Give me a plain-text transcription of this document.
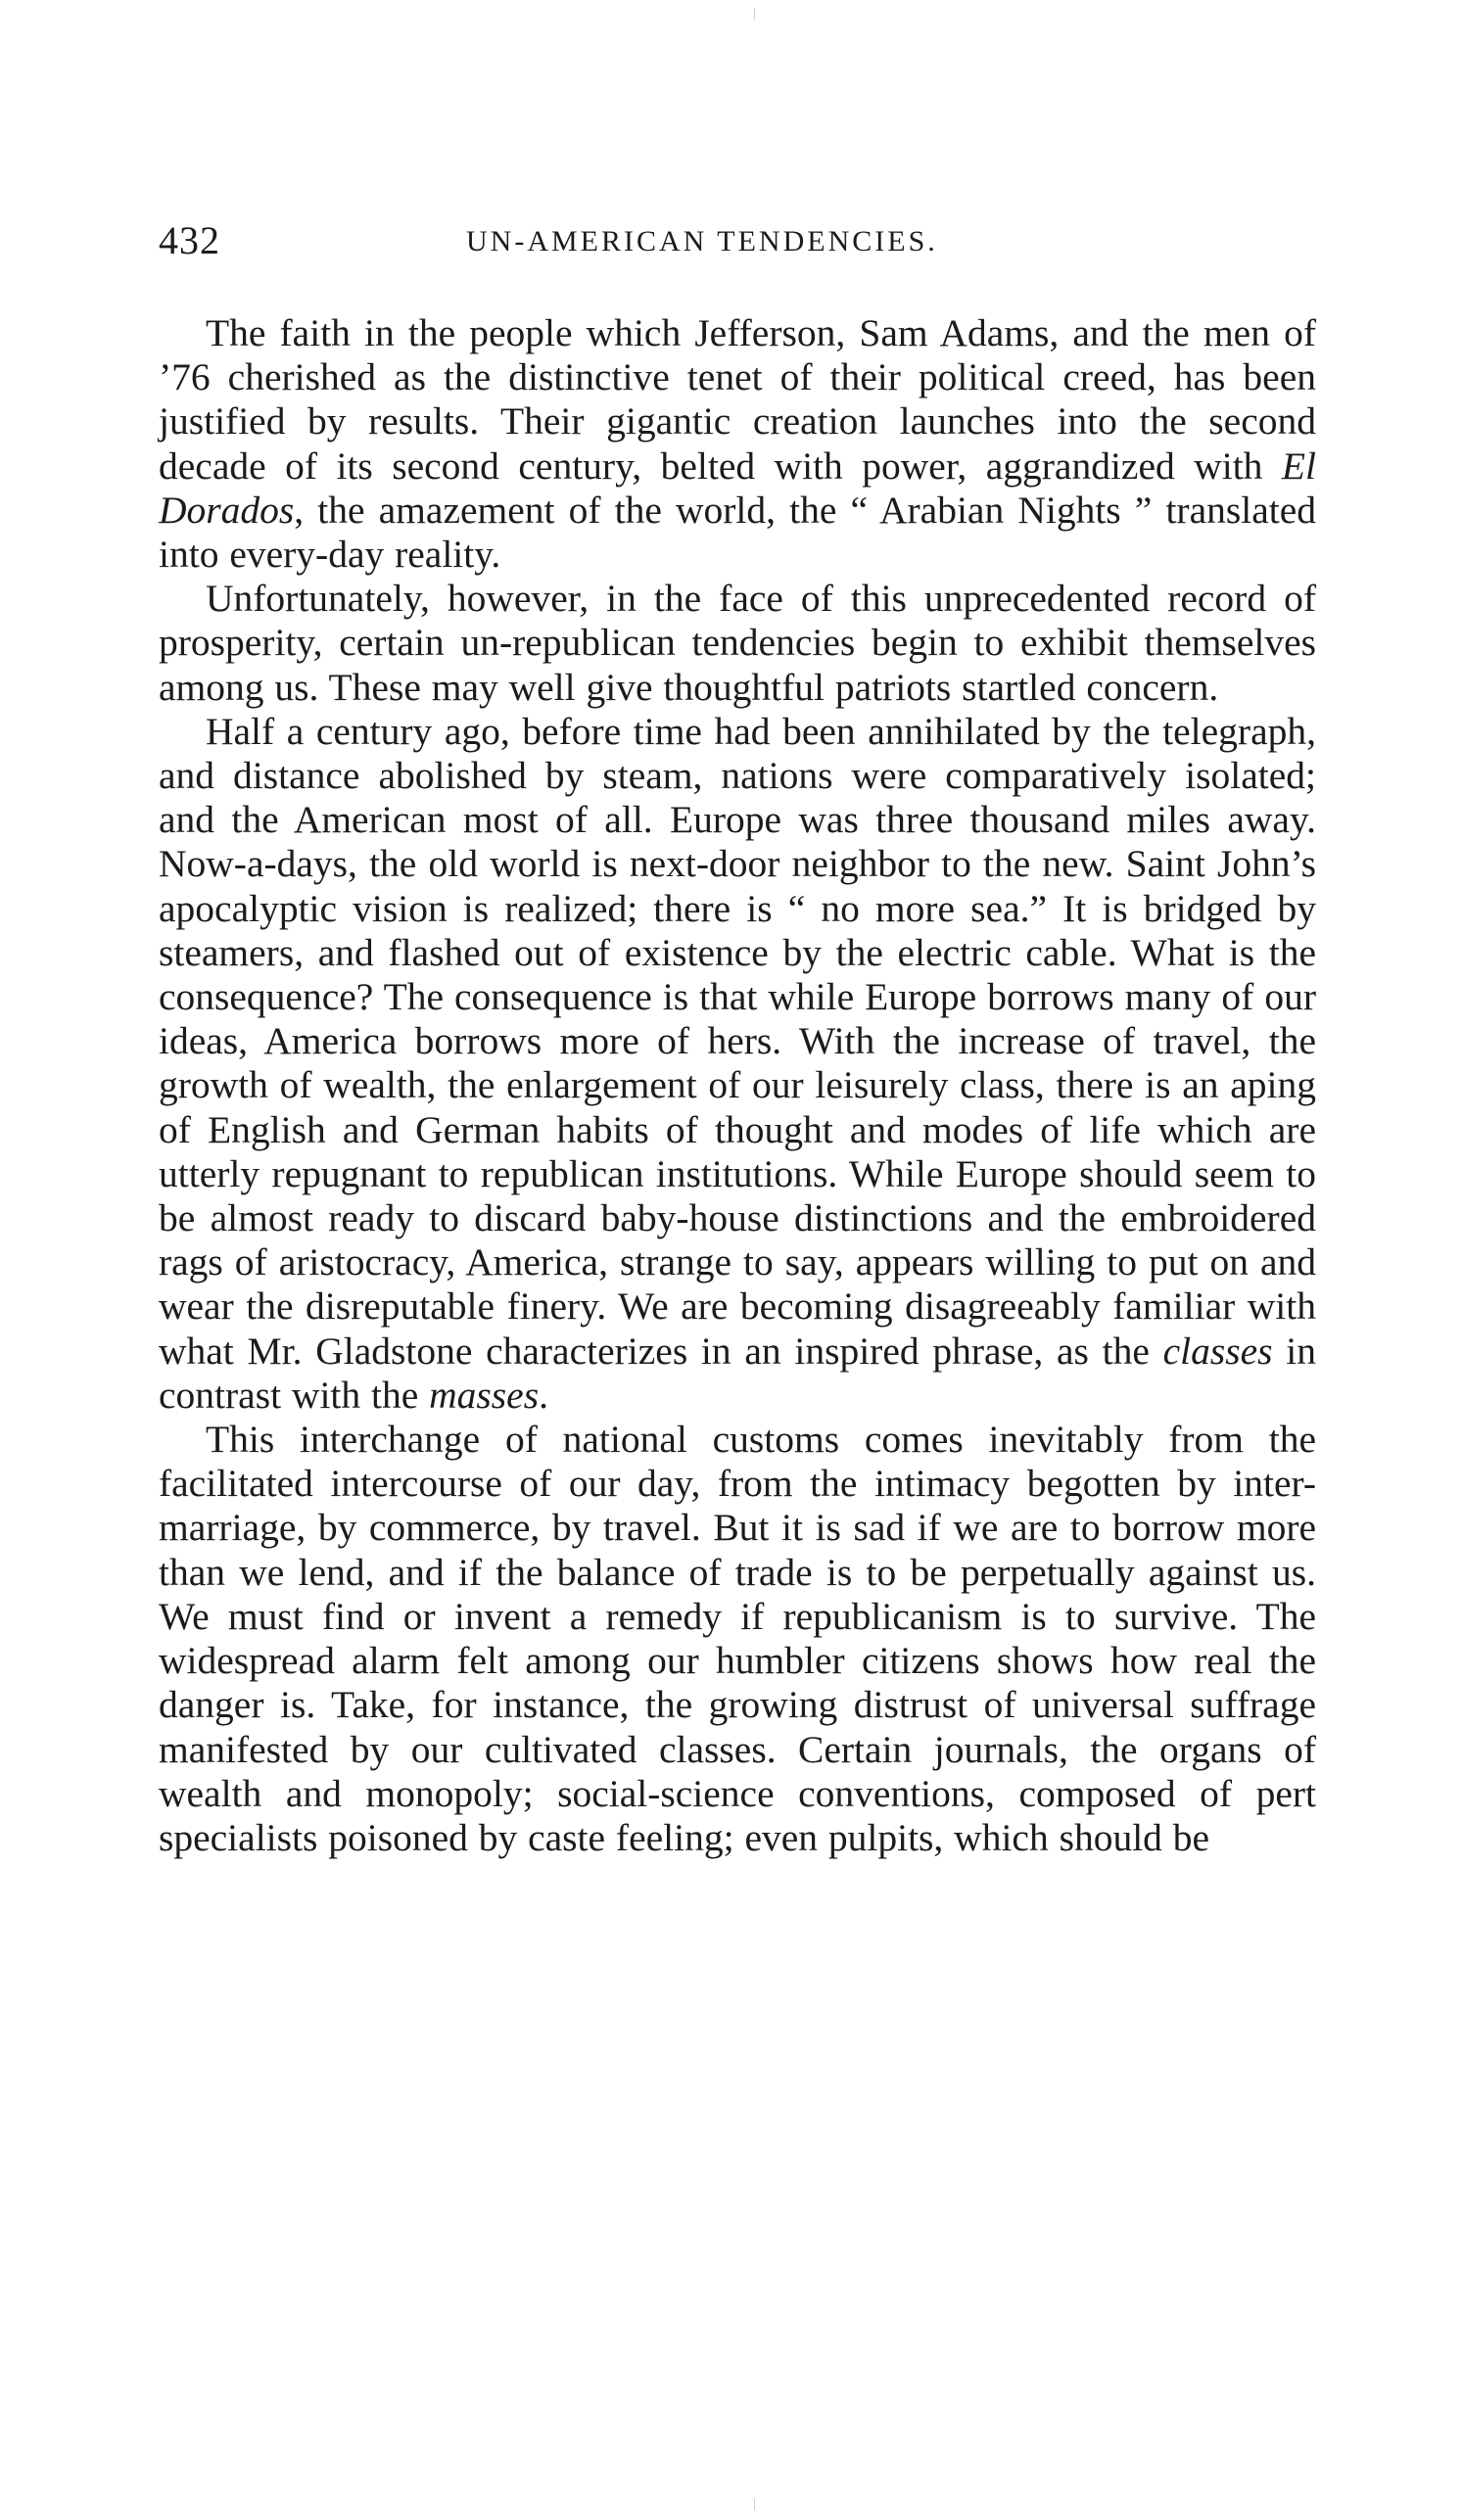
432	UN-AMERICAN TENDENCIES.

The faith in the people which Jefferson, Sam Adams, and the men of ’76 cherished as the distinctive tenet of their political creed, has been justified by results. Their gigantic creation launches into the second decade of its second century, belted with power, aggrandized with El Dorados, the amazement of the world, the “ Arabian Nights ” translated into every-day reality.

Unfortunately, however, in the face of this unprecedented record of prosperity, certain un-republican tendencies begin to exhibit themselves among us. These may well give thoughtful patriots startled concern.

Half a century ago, before time had been annihilated by the telegraph, and distance abolished by steam, nations were comparatively isolated; and the American most of all. Europe was three thousand miles away. Now-a-days, the old world is next-door neighbor to the new. Saint John’s apocalyptic vision is realized; there is “ no more sea.” It is bridged by steamers, and flashed out of existence by the electric cable. What is the consequence? The consequence is that while Europe borrows many of our ideas, America borrows more of hers. With the increase of travel, the growth of wealth, the enlargement of our leisurely class, there is an aping of English and German habits of thought and modes of life which are utterly repugnant to republican institutions. While Europe should seem to be almost ready to discard baby-house distinctions and the embroidered rags of aristocracy, America, strange to say, appears willing to put on and wear the disreputable finery. We are becoming disagreeably familiar with what Mr. Gladstone characterizes in an inspired phrase, as the classes in contrast with the masses.

This interchange of national customs comes inevitably from the facilitated intercourse of our day, from the intimacy begotten by inter-marriage, by commerce, by travel. But it is sad if we are to borrow more than we lend, and if the balance of trade is to be perpetually against us. We must find or invent a remedy if republicanism is to survive. The widespread alarm felt among our humbler citizens shows how real the danger is. Take, for instance, the growing distrust of universal suffrage manifested by our cultivated classes. Certain journals, the organs of wealth and monopoly; social-science conventions, composed of pert specialists poisoned by caste feeling; even pulpits, which should be
